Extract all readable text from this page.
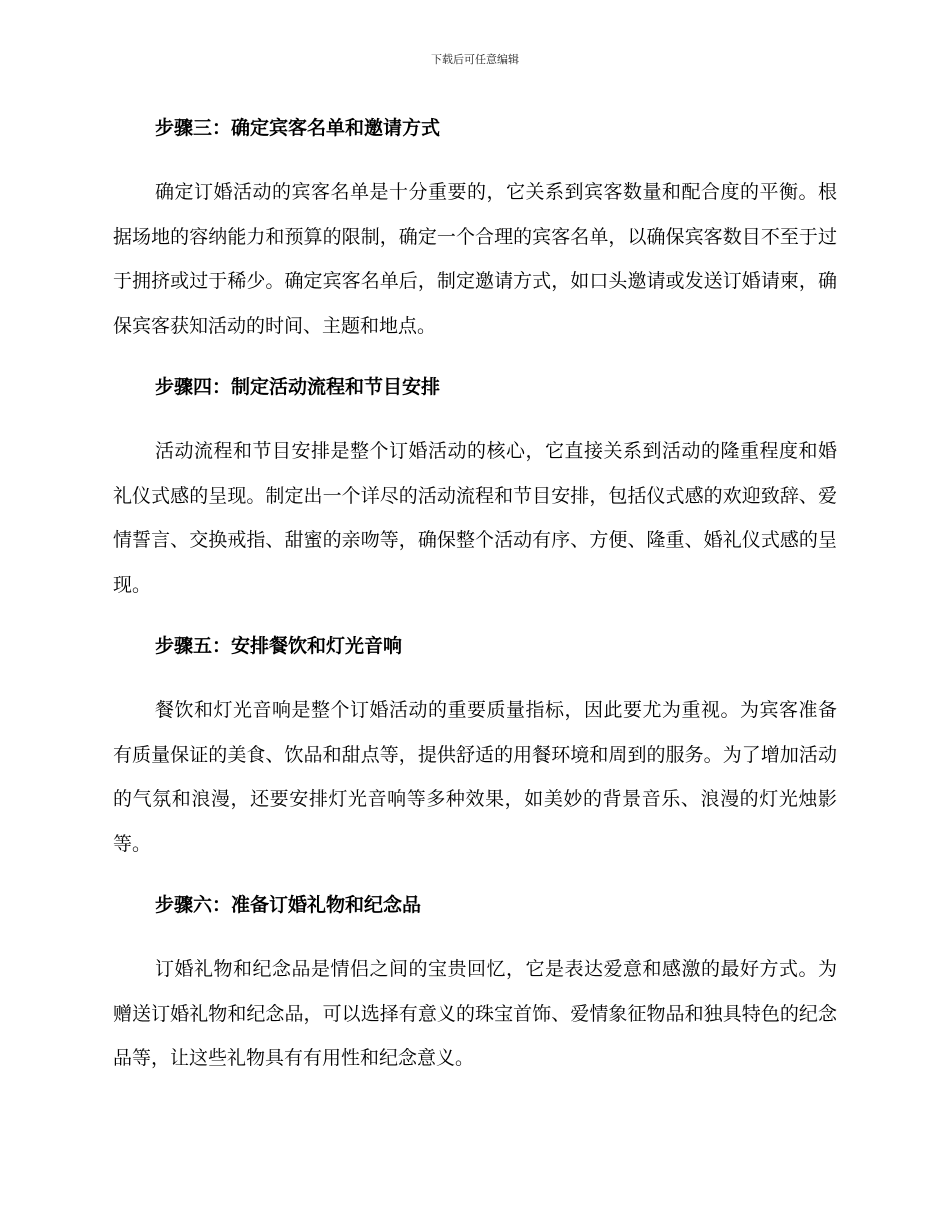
下载后可任意编辑
步骤三：确定宾客名单和邀请方式

确定订婚活动的宾客名单是十分重要的，它关系到宾客数量和配合度的平衡。根据场地的容纳能力和预算的限制，确定一个合理的宾客名单，以确保宾客数目不至于过于拥挤或过于稀少。确定宾客名单后，制定邀请方式，如口头邀请或发送订婚请柬，确保宾客获知活动的时间、主题和地点。

步骤四：制定活动流程和节目安排

活动流程和节目安排是整个订婚活动的核心，它直接关系到活动的隆重程度和婚礼仪式感的呈现。制定出一个详尽的活动流程和节目安排，包括仪式感的欢迎致辞、爱情誓言、交换戒指、甜蜜的亲吻等，确保整个活动有序、方便、隆重、婚礼仪式感的呈现。

步骤五：安排餐饮和灯光音响

餐饮和灯光音响是整个订婚活动的重要质量指标，因此要尤为重视。为宾客准备有质量保证的美食、饮品和甜点等，提供舒适的用餐环境和周到的服务。为了增加活动的气氛和浪漫，还要安排灯光音响等多种效果，如美妙的背景音乐、浪漫的灯光烛影等。

步骤六：准备订婚礼物和纪念品

订婚礼物和纪念品是情侣之间的宝贵回忆，它是表达爱意和感激的最好方式。为赠送订婚礼物和纪念品，可以选择有意义的珠宝首饰、爱情象征物品和独具特色的纪念品等，让这些礼物具有有用性和纪念意义。
